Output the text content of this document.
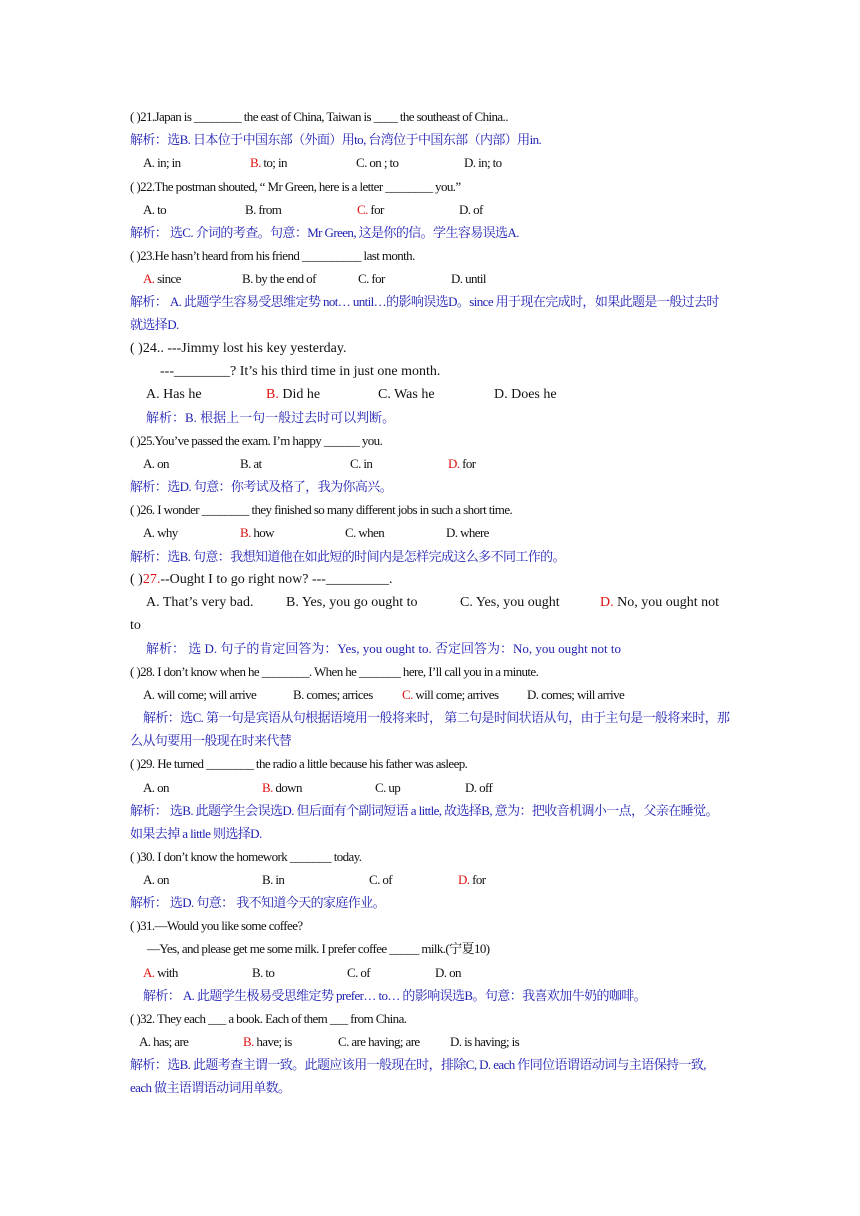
( )21.Japan is ________ the east of China, Taiwan is ____ the southeast of China..
解析：选B. 日本位于中国东部（外面）用to, 台湾位于中国东部（内部）用in.
A. in; in	B. to; in	C. on ; to	D. in; to
( )22.The postman shouted, “ Mr Green, here is a letter ________ you.”
A. to	B. from	C. for	D. of
解析： 选C. 介词的考查。句意：Mr Green, 这是你的信。学生容易误选A.
( )23.He hasn’t heard from his friend __________ last month.
A. since	B. by the end of	C. for	D. until
解析： A. 此题学生容易受思维定势 not… until…的影响误选D。since 用于现在完成时，如果此题是一般过去时
就选择D.
( )24.. ---Jimmy lost his key yesterday.
---________? It’s his third time in just one month.
A. Has he	B. Did he	C. Was he	D. Does he
解析：B. 根据上一句一般过去时可以判断。
( )25.You’ve passed the exam. I’m happy ______ you.
A. on	B. at	C. in	D. for
解析：选D. 句意：你考试及格了，我为你高兴。
( )26. I wonder ________ they finished so many different jobs in such a short time.
A. why	B. how	C. when	D. where
解析：选B. 句意：我想知道他在如此短的时间内是怎样完成这么多不同工作的。
( )27.--Ought I to go right now? ---_________.
A. That’s very bad. B. Yes, you go ought to	C. Yes, you ought	D. No, you ought not
to
解析： 选 D. 句子的肯定回答为：Yes, you ought to. 否定回答为：No, you ought not to
( )28. I don’t know when he ________. When he _______ here, I’ll call you in a minute.
A. will come; will arrive	B. comes; arrices C. will come; arrives D. comes; will arrive
解析：选C. 第一句是宾语从句根据语境用一般将来时， 第二句是时间状语从句，由于主句是一般将来时，那
么从句要用一般现在时来代替
( )29. He turned ________ the radio a little because his father was asleep.
A. on	B. down	C. up	D. off
解析： 选B. 此题学生会误选D. 但后面有个副词短语 a little, 故选择B, 意为：把收音机调小一点，父亲在睡觉。
如果去掉 a little 则选择D.
( )30. I don’t know the homework _______ today.
A. on	B. in	C. of	D. for
解析： 选D. 句意： 我不知道今天的家庭作业。
( )31.—Would you like some coffee?
—Yes, and please get me some milk. I prefer coffee _____ milk.(宁夏10)
A. with	B. to	C. of	D. on
解析： A. 此题学生极易受思维定势 prefer… to… 的影响误选B。句意：我喜欢加牛奶的咖啡。
( )32. They each ___ a book. Each of them ___ from China.
A. has; are	B. have; is	C. are having; are D. is having; is
解析：选B. 此题考查主谓一致。此题应该用一般现在时，排除C, D. each 作同位语谓语动词与主语保持一致,
each 做主语谓语动词用单数。
